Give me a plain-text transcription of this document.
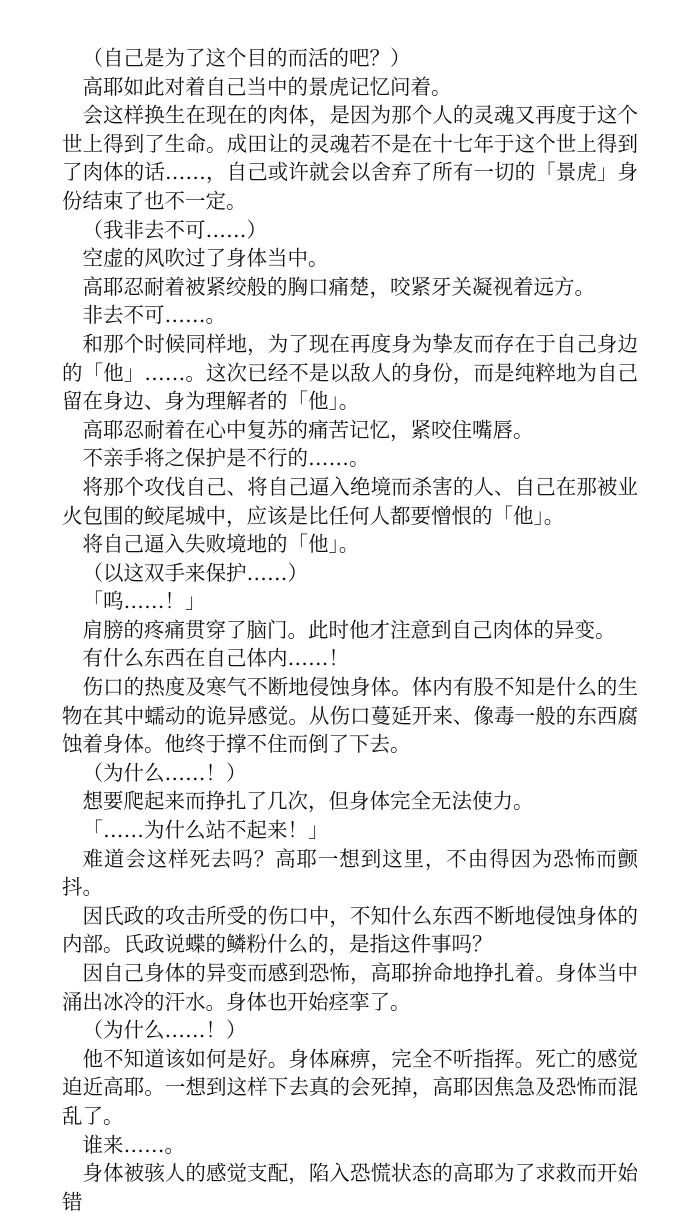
（自己是为了这个目的而活的吧？）

高耶如此对着自己当中的景虎记忆问着。

会这样换生在现在的肉体，是因为那个人的灵魂又再度于这个世上得到了生命。成田让的灵魂若不是在十七年于这个世上得到了肉体的话……，自己或许就会以舍弃了所有一切的「景虎」身份结束了也不一定。

（我非去不可……）

空虚的风吹过了身体当中。

高耶忍耐着被紧绞般的胸口痛楚，咬紧牙关凝视着远方。

非去不可……。

和那个时候同样地，为了现在再度身为挚友而存在于自己身边的「他」……。这次已经不是以敌人的身份，而是纯粹地为自己留在身边、身为理解者的「他」。

高耶忍耐着在心中复苏的痛苦记忆，紧咬住嘴唇。

不亲手将之保护是不行的……。

将那个攻伐自己、将自己逼入绝境而杀害的人、自己在那被业火包围的鲛尾城中，应该是比任何人都要憎恨的「他」。

将自己逼入失败境地的「他」。

（以这双手来保护……）

「呜……！」

肩膀的疼痛贯穿了脑门。此时他才注意到自己肉体的异变。

有什么东西在自己体内……！

伤口的热度及寒气不断地侵蚀身体。体内有股不知是什么的生物在其中蠕动的诡异感觉。从伤口蔓延开来、像毒一般的东西腐蚀着身体。他终于撑不住而倒了下去。

（为什么……！）

想要爬起来而挣扎了几次，但身体完全无法使力。

「……为什么站不起来！」

难道会这样死去吗？高耶一想到这里，不由得因为恐怖而颤抖。

因氏政的攻击所受的伤口中，不知什么东西不断地侵蚀身体的内部。氏政说蝶的鳞粉什么的，是指这件事吗？

因自己身体的异变而感到恐怖，高耶拚命地挣扎着。身体当中涌出冰冷的汗水。身体也开始痉挛了。

（为什么……！）

他不知道该如何是好。身体麻痹，完全不听指挥。死亡的感觉迫近高耶。一想到这样下去真的会死掉，高耶因焦急及恐怖而混乱了。

谁来……。

身体被骇人的感觉支配，陷入恐慌状态的高耶为了求救而开始错
